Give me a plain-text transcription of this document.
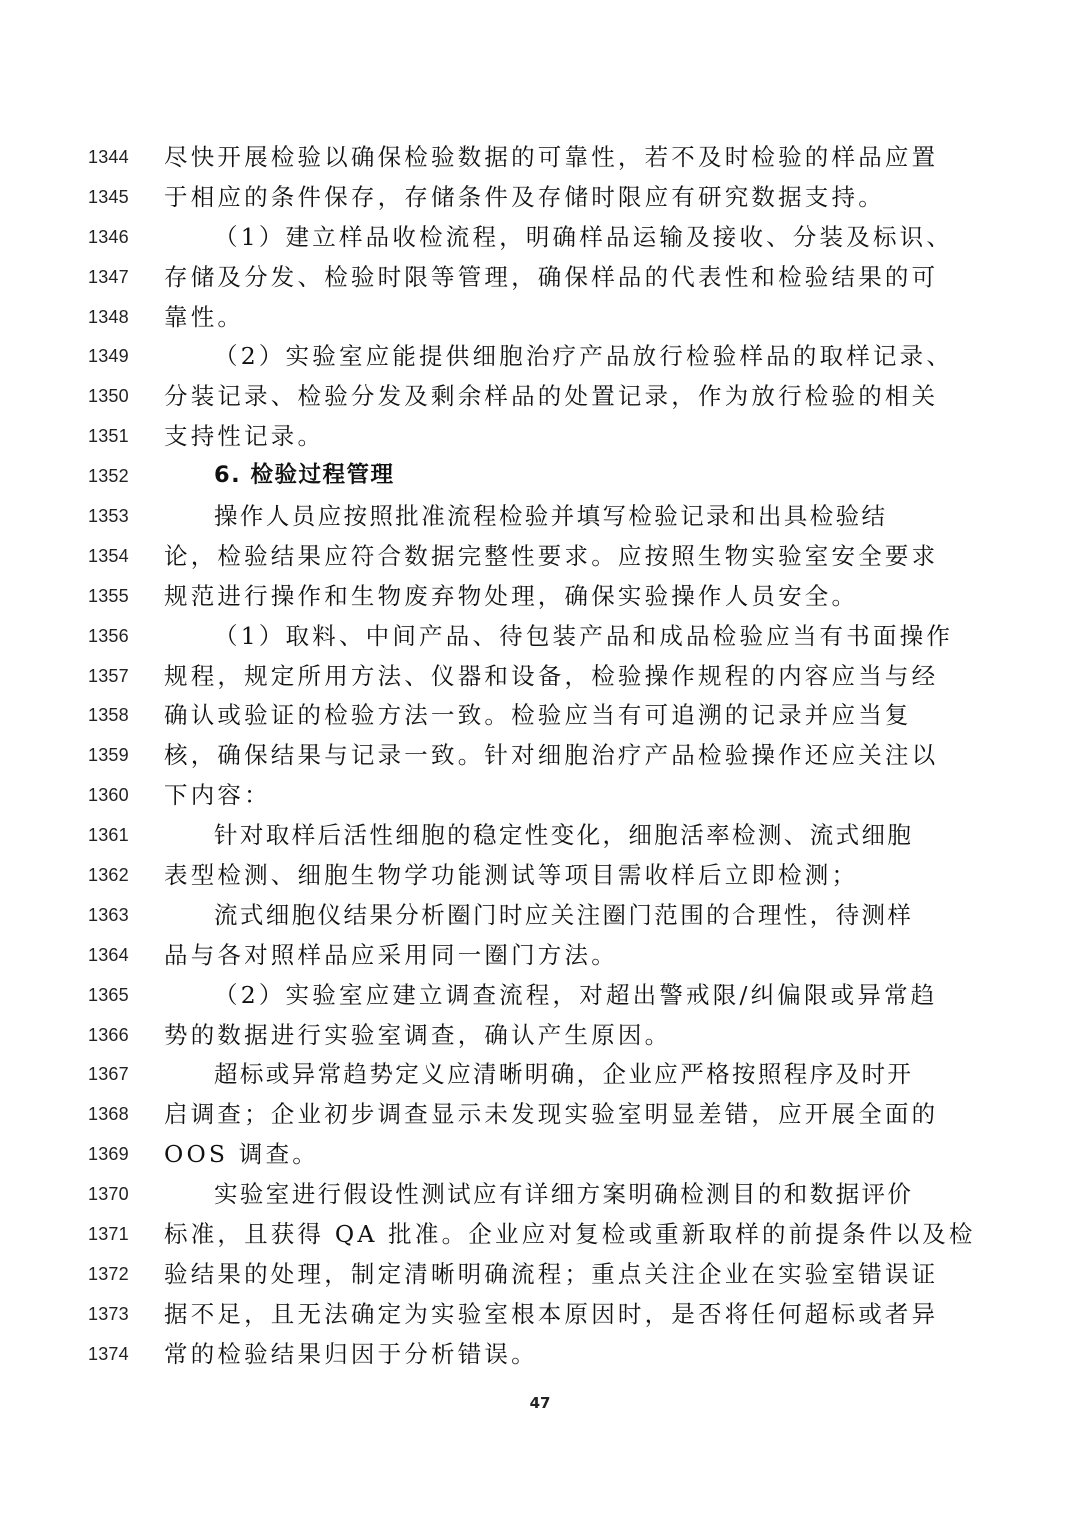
1344	尽快开展检验以确保检验数据的可靠性，若不及时检验的样品应置
1345	于相应的条件保存，存储条件及存储时限应有研究数据支持。
1346	（1）建立样品收检流程，明确样品运输及接收、分装及标识、
1347	存储及分发、检验时限等管理，确保样品的代表性和检验结果的可
1348	靠性。
1349	（2）实验室应能提供细胞治疗产品放行检验样品的取样记录、
1350	分装记录、检验分发及剩余样品的处置记录，作为放行检验的相关
1351	支持性记录。
1352	6. 检验过程管理
1353	操作人员应按照批准流程检验并填写检验记录和出具检验结
1354	论，检验结果应符合数据完整性要求。应按照生物实验室安全要求
1355	规范进行操作和生物废弃物处理，确保实验操作人员安全。
1356	（1）取料、中间产品、待包装产品和成品检验应当有书面操作
1357	规程，规定所用方法、仪器和设备，检验操作规程的内容应当与经
1358	确认或验证的检验方法一致。检验应当有可追溯的记录并应当复
1359	核，确保结果与记录一致。针对细胞治疗产品检验操作还应关注以
1360	下内容：
1361	针对取样后活性细胞的稳定性变化，细胞活率检测、流式细胞
1362	表型检测、细胞生物学功能测试等项目需收样后立即检测；
1363	流式细胞仪结果分析圈门时应关注圈门范围的合理性，待测样
1364	品与各对照样品应采用同一圈门方法。
1365	（2）实验室应建立调查流程，对超出警戒限/纠偏限或异常趋
1366	势的数据进行实验室调查，确认产生原因。
1367	超标或异常趋势定义应清晰明确，企业应严格按照程序及时开
1368	启调查；企业初步调查显示未发现实验室明显差错，应开展全面的
1369	OOS 调查。
1370	实验室进行假设性测试应有详细方案明确检测目的和数据评价
1371	标准，且获得 QA 批准。企业应对复检或重新取样的前提条件以及检
1372	验结果的处理，制定清晰明确流程；重点关注企业在实验室错误证
1373	据不足，且无法确定为实验室根本原因时，是否将任何超标或者异
1374	常的检验结果归因于分析错误。
47
